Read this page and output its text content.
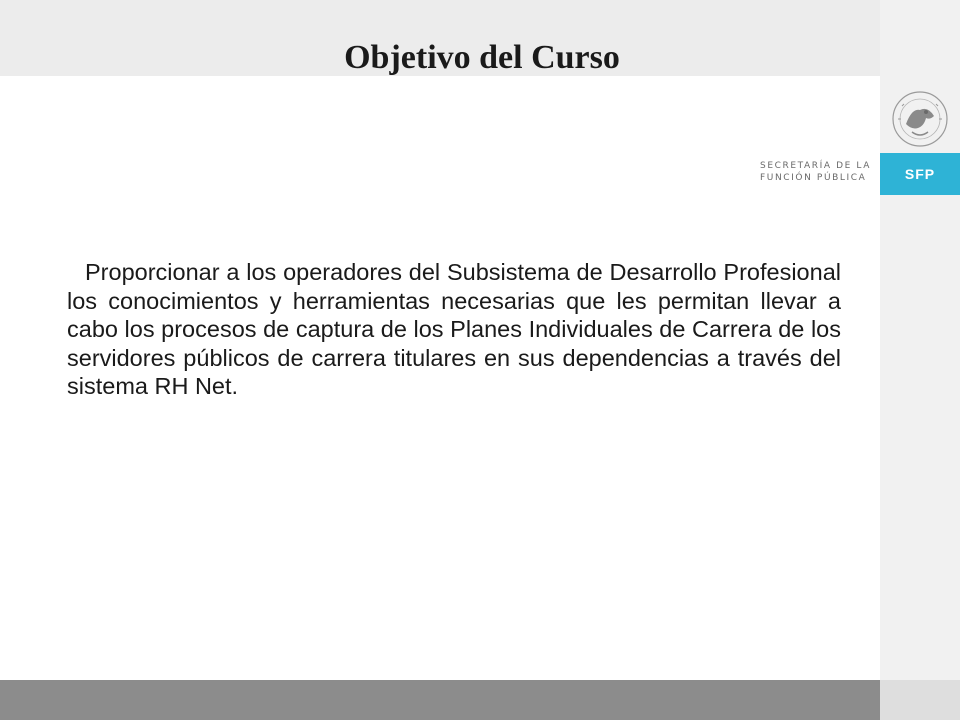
Objetivo del Curso
SECRETARÍA DE LA
FUNCIÓN PÚBLICA	SFP
Proporcionar a los operadores del Subsistema de Desarrollo Profesional los conocimientos y herramientas necesarias que les permitan llevar a cabo los procesos de captura de los Planes Individuales de Carrera de los servidores públicos de carrera titulares en sus dependencias a través del sistema RH Net.
